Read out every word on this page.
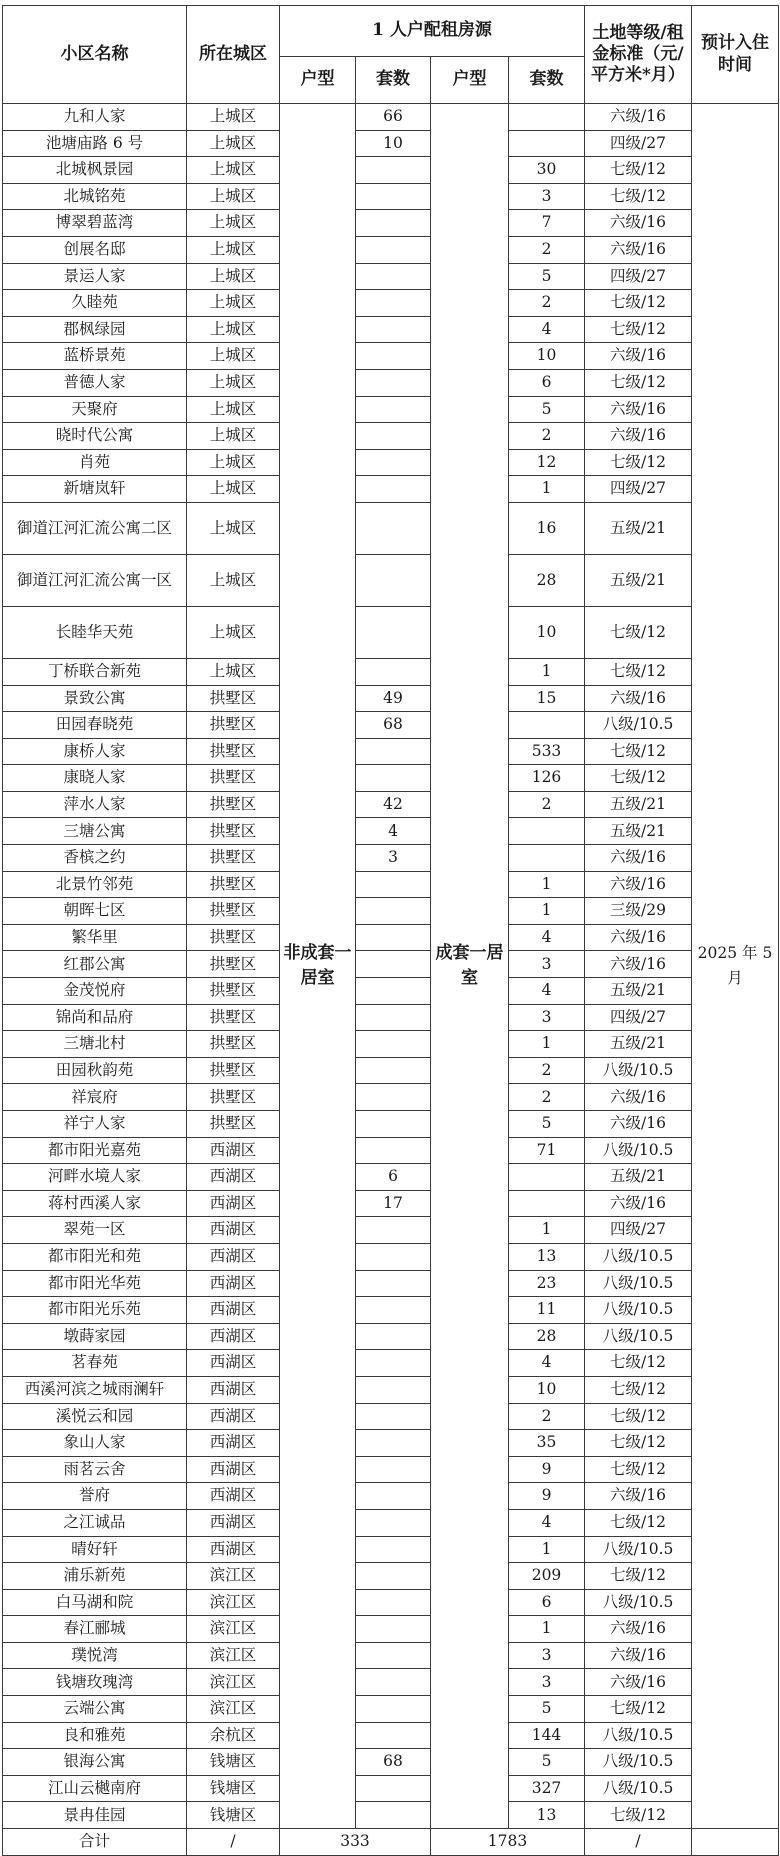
小区名称	所在城区	1 人户配租房源				土地等级/租金标准（元/平方米*月）	预计入住时间
		户型	套数	户型	套数		
九和人家	上城区	非成套一居室	66	成套一居室		六级/16	2025 年 5 月
池塘庙路 6 号	上城区		10			四级/27	
北城枫景园	上城区				30	七级/12	
北城铭苑	上城区				3	七级/12	
博翠碧蓝湾	上城区				7	六级/16	
创展名邸	上城区				2	六级/16	
景运人家	上城区				5	四级/27	
久睦苑	上城区				2	七级/12	
郡枫绿园	上城区				4	七级/12	
蓝桥景苑	上城区				10	六级/16	
普德人家	上城区				6	七级/12	
天聚府	上城区				5	六级/16	
晓时代公寓	上城区				2	六级/16	
肖苑	上城区				12	七级/12	
新塘岚轩	上城区				1	四级/27	
御道江河汇流公寓二区	上城区				16	五级/21	
御道江河汇流公寓一区	上城区				28	五级/21	
长睦华天苑	上城区				10	七级/12	
丁桥联合新苑	上城区				1	七级/12	
景致公寓	拱墅区		49		15	六级/16	
田园春晓苑	拱墅区		68			八级/10.5	
康桥人家	拱墅区				533	七级/12	
康晓人家	拱墅区				126	七级/12	
萍水人家	拱墅区		42		2	五级/21	
三塘公寓	拱墅区		4			五级/21	
香槟之约	拱墅区		3			六级/16	
北景竹邻苑	拱墅区				1	六级/16	
朝晖七区	拱墅区				1	三级/29	
繁华里	拱墅区				4	六级/16	
红郡公寓	拱墅区				3	六级/16	
金茂悦府	拱墅区				4	五级/21	
锦尚和品府	拱墅区				3	四级/27	
三塘北村	拱墅区				1	五级/21	
田园秋韵苑	拱墅区				2	八级/10.5	
祥宸府	拱墅区				2	六级/16	
祥宁人家	拱墅区				5	六级/16	
都市阳光嘉苑	西湖区				71	八级/10.5	
河畔水境人家	西湖区		6			五级/21	
蒋村西溪人家	西湖区		17			六级/16	
翠苑一区	西湖区				1	四级/27	
都市阳光和苑	西湖区				13	八级/10.5	
都市阳光华苑	西湖区				23	八级/10.5	
都市阳光乐苑	西湖区				11	八级/10.5	
墩蒔家园	西湖区				28	八级/10.5	
茗春苑	西湖区				4	七级/12	
西溪河滨之城雨澜轩	西湖区				10	七级/12	
溪悦云和园	西湖区				2	七级/12	
象山人家	西湖区				35	七级/12	
雨茗云舍	西湖区				9	七级/12	
誉府	西湖区				9	六级/16	
之江诚品	西湖区				4	七级/12	
晴好轩	西湖区				1	八级/10.5	
浦乐新苑	滨江区				209	七级/12	
白马湖和院	滨江区				6	八级/10.5	
春江郦城	滨江区				1	六级/16	
璞悦湾	滨江区				3	六级/16	
钱塘玫瑰湾	滨江区				3	六级/16	
云端公寓	滨江区				5	七级/12	
良和雅苑	余杭区				144	八级/10.5	
银海公寓	钱塘区		68		5	八级/10.5	
江山云樾南府	钱塘区				327	八级/10.5	
景冉佳园	钱塘区				13	七级/12	
合计	/	333		1783		/	
